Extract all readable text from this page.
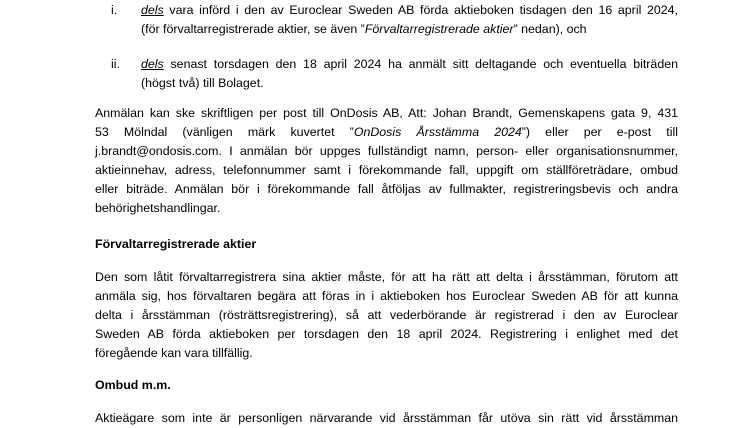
i. dels vara införd i den av Euroclear Sweden AB förda aktieboken tisdagen den 16 april 2024,
(för förvaltarregistrerade aktier, se även ”Förvaltarregistrerade aktier” nedan), och
ii. dels senast torsdagen den 18 april 2024 ha anmält sitt deltagande och eventuella biträden
(högst två) till Bolaget.
Anmälan kan ske skriftligen per post till OnDosis AB, Att: Johan Brandt, Gemenskapens gata 9, 431
53 Mölndal (vänligen märk kuvertet ”OnDosis Årsstämma 2024”) eller per e-post till
j.brandt@ondosis.com. I anmälan bör uppges fullständigt namn, person- eller organisationsnummer,
aktieinnehav, adress, telefonnummer samt i förekommande fall, uppgift om ställföreträdare, ombud
eller biträde. Anmälan bör i förekommande fall åtföljas av fullmakter, registreringsbevis och andra
behörighetshandlingar.
Förvaltarregistrerade aktier
Den som låtit förvaltarregistrera sina aktier måste, för att ha rätt att delta i årsstämman, förutom att
anmäla sig, hos förvaltaren begära att föras in i aktieboken hos Euroclear Sweden AB för att kunna
delta i årsstämman (rösträttsregistrering), så att vederbörande är registrerad i den av Euroclear
Sweden AB förda aktieboken per torsdagen den 18 april 2024. Registrering i enlighet med det
föregående kan vara tillfällig.
Ombud m.m.
Aktieägare som inte är personligen närvarande vid årsstämman får utöva sin rätt vid årsstämman
